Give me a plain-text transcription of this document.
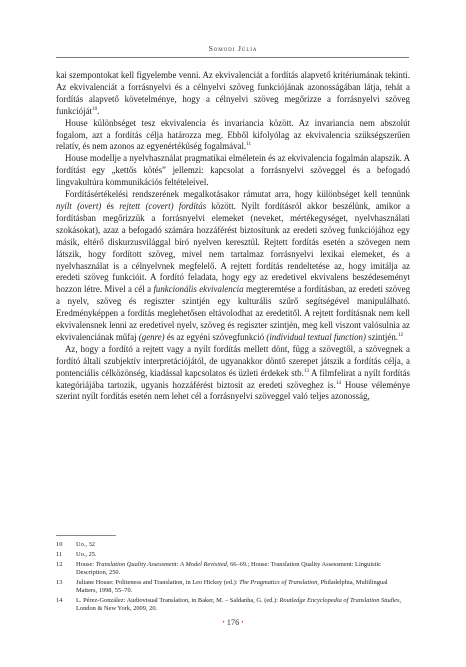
Somodi Júlia

kai szempontokat kell figyelembe venni. Az ekvivalenciát a fordítás alapvető kritériumának tekinti. Az ekvivalenciát a forrásnyelvi és a célnyelvi szöveg funkciójának azonosságában látja, tehát a fordítás alapvető követelménye, hogy a célnyelvi szöveg megőrizze a forrásnyelvi szöveg funkcióját$^{10}$.

House különbséget tesz ekvivalencia és invariancia között. Az invariancia nem abszolút fogalom, azt a fordítás célja határozza meg. Ebből kifolyólag az ekvivalencia szükségszerűen relatív, és nem azonos az egyenértékűség fogalmával.$^{11}$

House modellje a nyelvhasználat pragmatikai elméletein és az ekvivalencia fogalmán alapszik. A fordítást egy „kettős kötés” jellemzi: kapcsolat a forrásnyelvi szöveggel és a befogadó lingvakultúra kommunikációs feltételeivel.

Fordításértékelési rendszerének megalkotásakor rámutat arra, hogy különbséget kell tennünk nyílt (overt) és rejtett (covert) fordítás között. Nyílt fordításról akkor beszélünk, amikor a fordításban megőrizzük a forrásnyelvi elemeket (neveket, mértékegységet, nyelvhasználati szokásokat), azaz a befogadó számára hozzáférést biztosítunk az eredeti szöveg funkciójához egy másik, eltérő diskurzusvilággal bíró nyelven keresztül. Rejtett fordítás esetén a szövegen nem látszik, hogy fordított szöveg, mivel nem tartalmaz forrásnyelvi lexikai elemeket, és a nyelvhasználat is a célnyelvnek megfelelő. A rejtett fordítás rendeltetése az, hogy imitálja az eredeti szöveg funkcióit. A fordító feladata, hogy egy az eredetivel ekvivalens beszédeseményt hozzon létre. Mivel a cél a funkcionális ekvivalencia megteremtése a fordításban, az eredeti szöveg a nyelv, szöveg és regiszter szintjén egy kulturális szűrő segítségével manipulálható. Eredményképpen a fordítás meglehetősen eltávolodhat az eredetitől. A rejtett fordításnak nem kell ekvivalensnek lenni az eredetivel nyelv, szöveg és regiszter szintjén, meg kell viszont valósulnia az ekvivalenciának műfaj (genre) és az egyéni szövegfunkció (individual textual function) szintjén.$^{12}$

Az, hogy a fordító a rejtett vagy a nyílt fordítás mellett dönt, függ a szövegtől, a szövegnek a fordító általi szubjektív interpretációjától, de ugyanakkor döntő szerepet játszik a fordítás célja, a pontenciális célközönség, kiadással kapcsolatos és üzleti érdekek stb.$^{13}$ A filmfelirat a nyílt fordítás kategóriájába tartozik, ugyanis hozzáférést biztosít az eredeti szöveghez is.$^{14}$ House véleménye szerint nyílt fordítás esetén nem lehet cél a forrásnyelvi szöveggel való teljes azonosság,

10 Uo., 32
11 Uo., 25.
12 House: Translation Quality Assessment: A Model Revisited, 66–69.; House: Translation Quality Assessment: Linguistic Description, 250.
13 Juliane House: Politeness and Translation, in Leo Hickey (ed.): The Pragmatics of Translation, Philadelphia, Multilingual Matters, 1998, 55–70.
14 L. Pérez-González: Audiovisual Translation, in Baker, M. – Saldanha, G. (ed.): Routledge Encyclopedia of Translation Studies, London & New York, 2009, 20.
• 176 •
